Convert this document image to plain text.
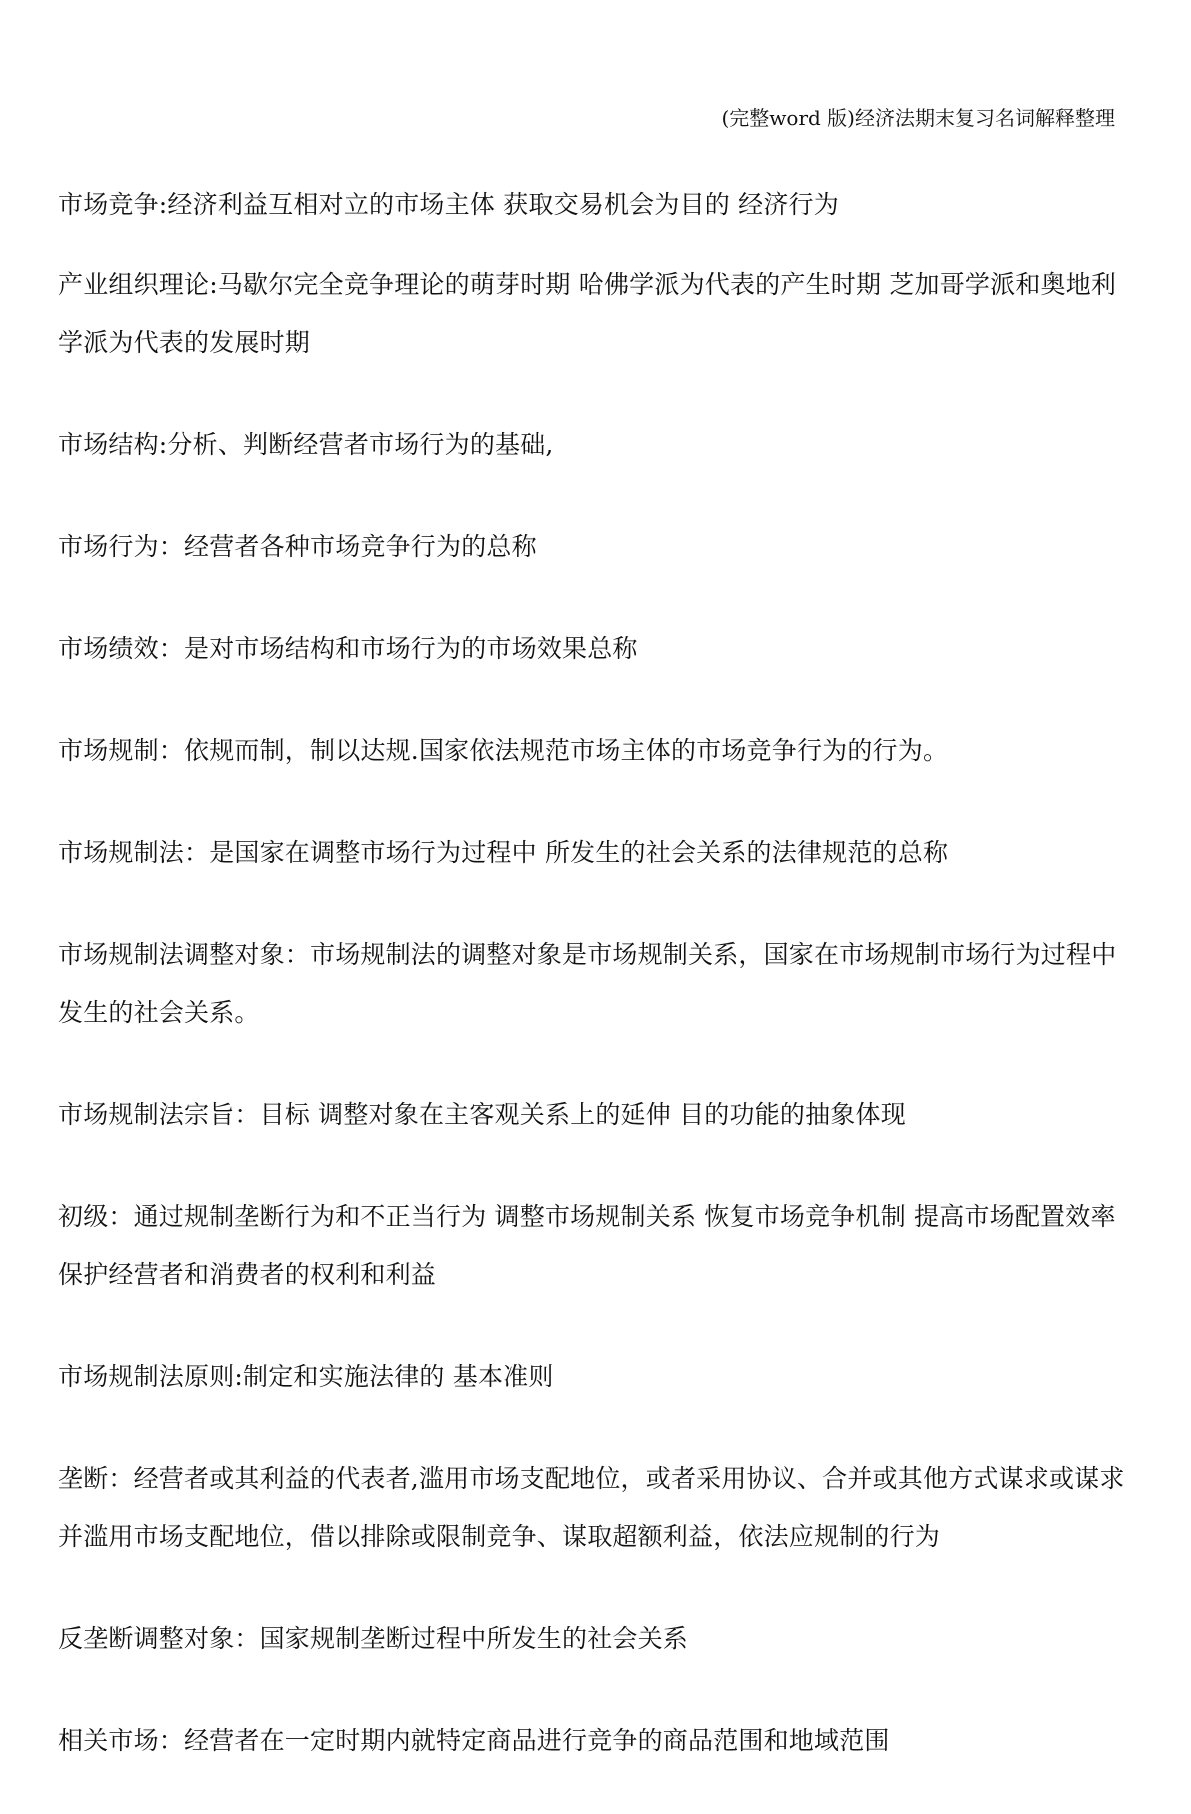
(完整word 版)经济法期末复习名词解释整理

市场竞争:经济利益互相对立的市场主体 获取交易机会为目的 经济行为

产业组织理论:马歇尔完全竞争理论的萌芽时期 哈佛学派为代表的产生时期 芝加哥学派和奥地利学派为代表的发展时期

市场结构:分析、判断经营者市场行为的基础,

市场行为：经营者各种市场竞争行为的总称

市场绩效：是对市场结构和市场行为的市场效果总称

市场规制：依规而制，制以达规.国家依法规范市场主体的市场竞争行为的行为。

市场规制法：是国家在调整市场行为过程中 所发生的社会关系的法律规范的总称

市场规制法调整对象：市场规制法的调整对象是市场规制关系，国家在市场规制市场行为过程中发生的社会关系。

市场规制法宗旨：目标 调整对象在主客观关系上的延伸 目的功能的抽象体现

初级：通过规制垄断行为和不正当行为 调整市场规制关系 恢复市场竞争机制 提高市场配置效率 保护经营者和消费者的权利和利益

市场规制法原则:制定和实施法律的 基本准则

垄断：经营者或其利益的代表者,滥用市场支配地位，或者采用协议、合并或其他方式谋求或谋求并滥用市场支配地位，借以排除或限制竞争、谋取超额利益，依法应规制的行为

反垄断调整对象：国家规制垄断过程中所发生的社会关系

相关市场：经营者在一定时期内就特定商品进行竞争的商品范围和地域范围
